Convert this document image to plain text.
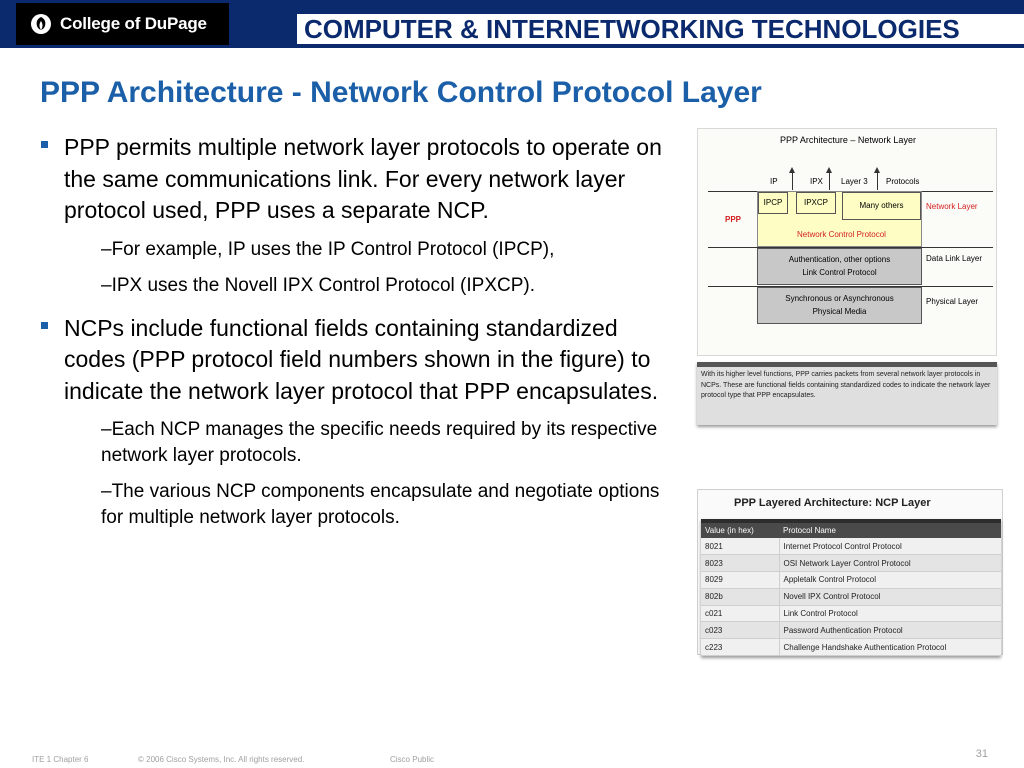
College of DuPage	COMPUTER & INTERNETWORKING TECHNOLOGIES
PPP Architecture - Network Control Protocol Layer
PPP permits multiple network layer protocols to operate on the same communications link. For every network layer protocol used, PPP uses a separate NCP.
–For example, IP uses the IP Control Protocol (IPCP),
–IPX uses the Novell IPX Control Protocol (IPXCP).
NCPs include functional fields containing standardized codes (PPP protocol field numbers shown in the figure) to indicate the network layer protocol that PPP encapsulates.
–Each NCP manages the specific needs required by its respective network layer protocols.
–The various NCP components encapsulate and negotiate options for multiple network layer protocols.
PPP Architecture – Network Layer
IP	IPX Layer 3 Protocols
PPP
IPCP	IPXCP	Many others
Network Control Protocol
Authentication, other options
Link Control Protocol
Synchronous or Asynchronous
Physical Media
Network Layer
Data Link Layer
Physical Layer
With its higher level functions, PPP carries packets from several network layer protocols in NCPs. These are functional fields containing standardized codes to indicate the network layer protocol type that PPP encapsulates.
PPP Layered Architecture: NCP Layer
Value (in hex)	Protocol Name
8021	Internet Protocol Control Protocol
8023	OSI Network Layer Control Protocol
8029	Appletalk Control Protocol
802b	Novell IPX Control Protocol
c021	Link Control Protocol
c023	Password Authentication Protocol
c223	Challenge Handshake Authentication Protocol
ITE 1 Chapter 6	© 2006 Cisco Systems, Inc. All rights reserved.	Cisco Public	31
